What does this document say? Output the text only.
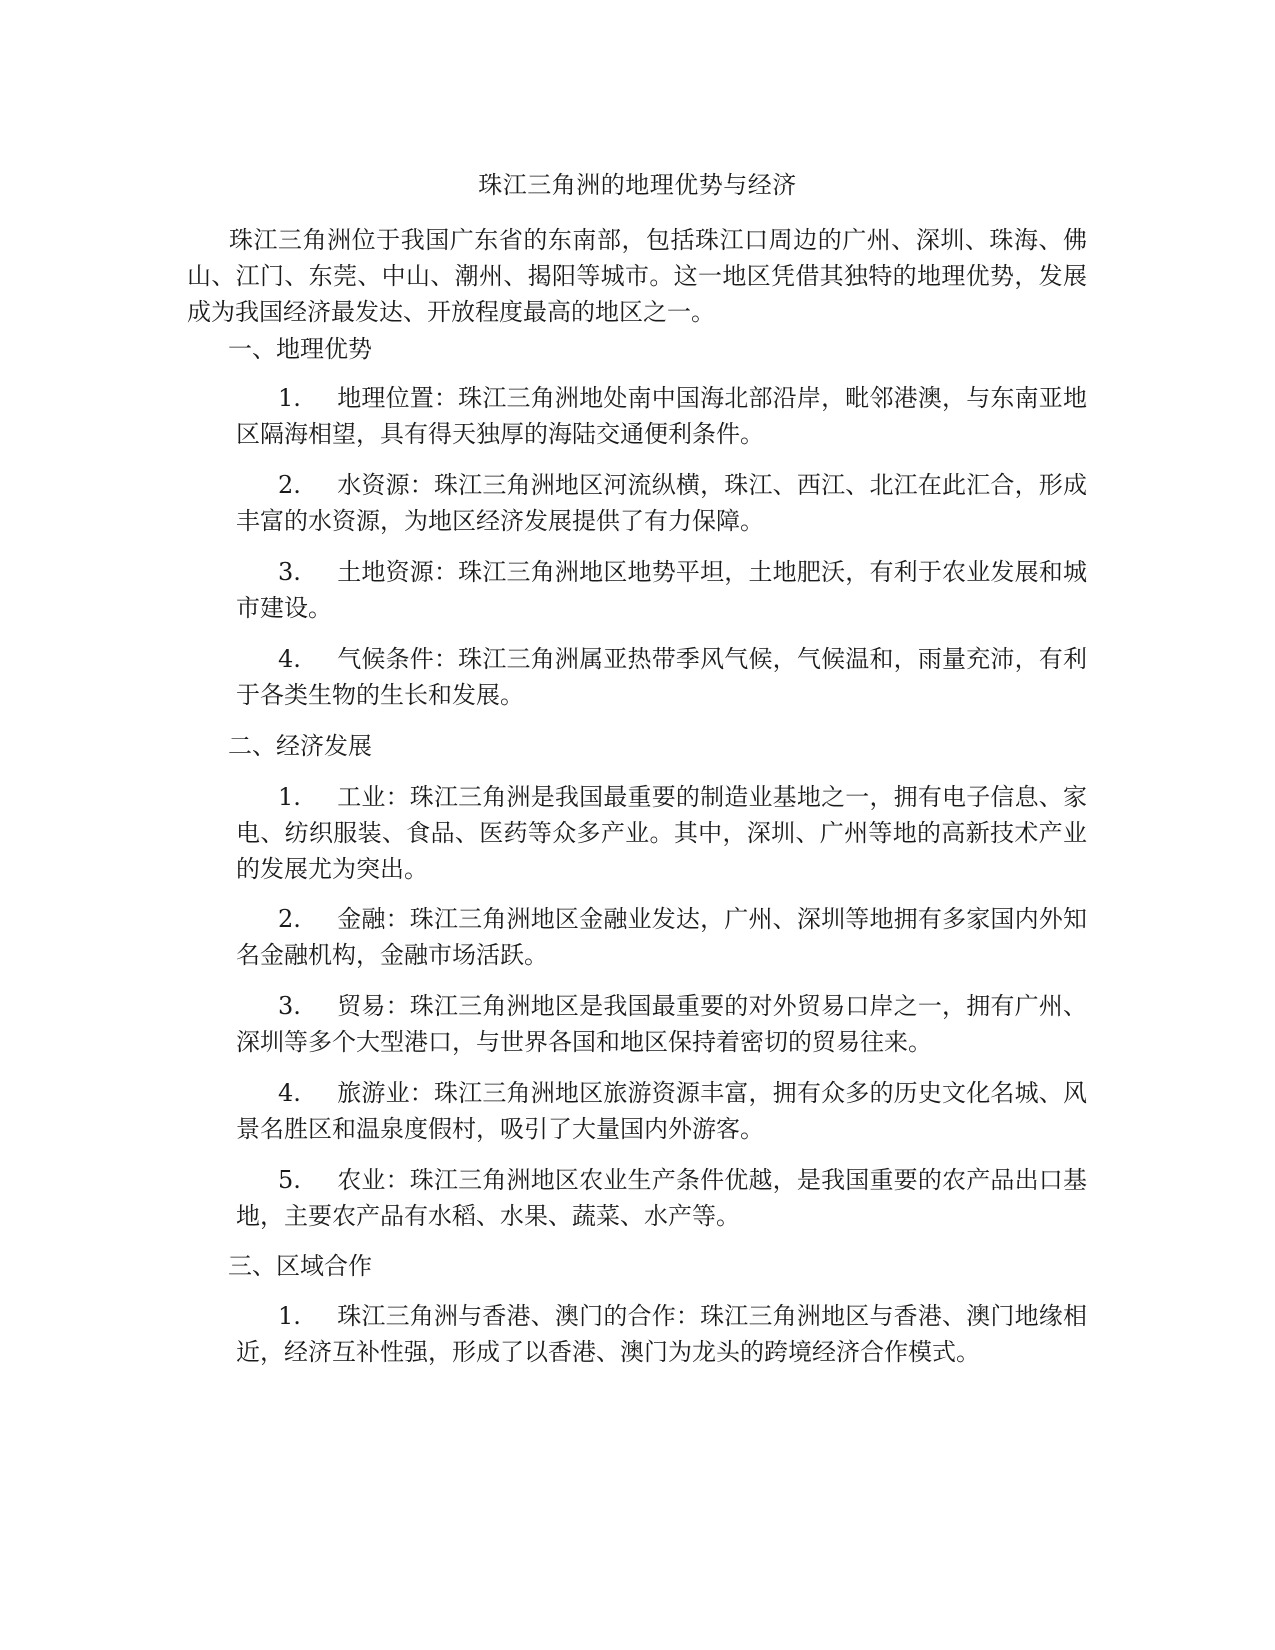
珠江三角洲的地理优势与经济

珠江三角洲位于我国广东省的东南部，包括珠江口周边的广州、深圳、珠海、佛山、江门、东莞、中山、潮州、揭阳等城市。这一地区凭借其独特的地理优势，发展成为我国经济最发达、开放程度最高的地区之一。

一、地理优势

1. 地理位置：珠江三角洲地处南中国海北部沿岸，毗邻港澳，与东南亚地区隔海相望，具有得天独厚的海陆交通便利条件。

2. 水资源：珠江三角洲地区河流纵横，珠江、西江、北江在此汇合，形成丰富的水资源，为地区经济发展提供了有力保障。

3. 土地资源：珠江三角洲地区地势平坦，土地肥沃，有利于农业发展和城市建设。

4. 气候条件：珠江三角洲属亚热带季风气候，气候温和，雨量充沛，有利于各类生物的生长和发展。

二、经济发展

1. 工业：珠江三角洲是我国最重要的制造业基地之一，拥有电子信息、家电、纺织服装、食品、医药等众多产业。其中，深圳、广州等地的高新技术产业的发展尤为突出。

2. 金融：珠江三角洲地区金融业发达，广州、深圳等地拥有多家国内外知名金融机构，金融市场活跃。

3. 贸易：珠江三角洲地区是我国最重要的对外贸易口岸之一，拥有广州、深圳等多个大型港口，与世界各国和地区保持着密切的贸易往来。

4. 旅游业：珠江三角洲地区旅游资源丰富，拥有众多的历史文化名城、风景名胜区和温泉度假村，吸引了大量国内外游客。

5. 农业：珠江三角洲地区农业生产条件优越，是我国重要的农产品出口基地，主要农产品有水稻、水果、蔬菜、水产等。

三、区域合作

1. 珠江三角洲与香港、澳门的合作：珠江三角洲地区与香港、澳门地缘相近，经济互补性强，形成了以香港、澳门为龙头的跨境经济合作模式。
